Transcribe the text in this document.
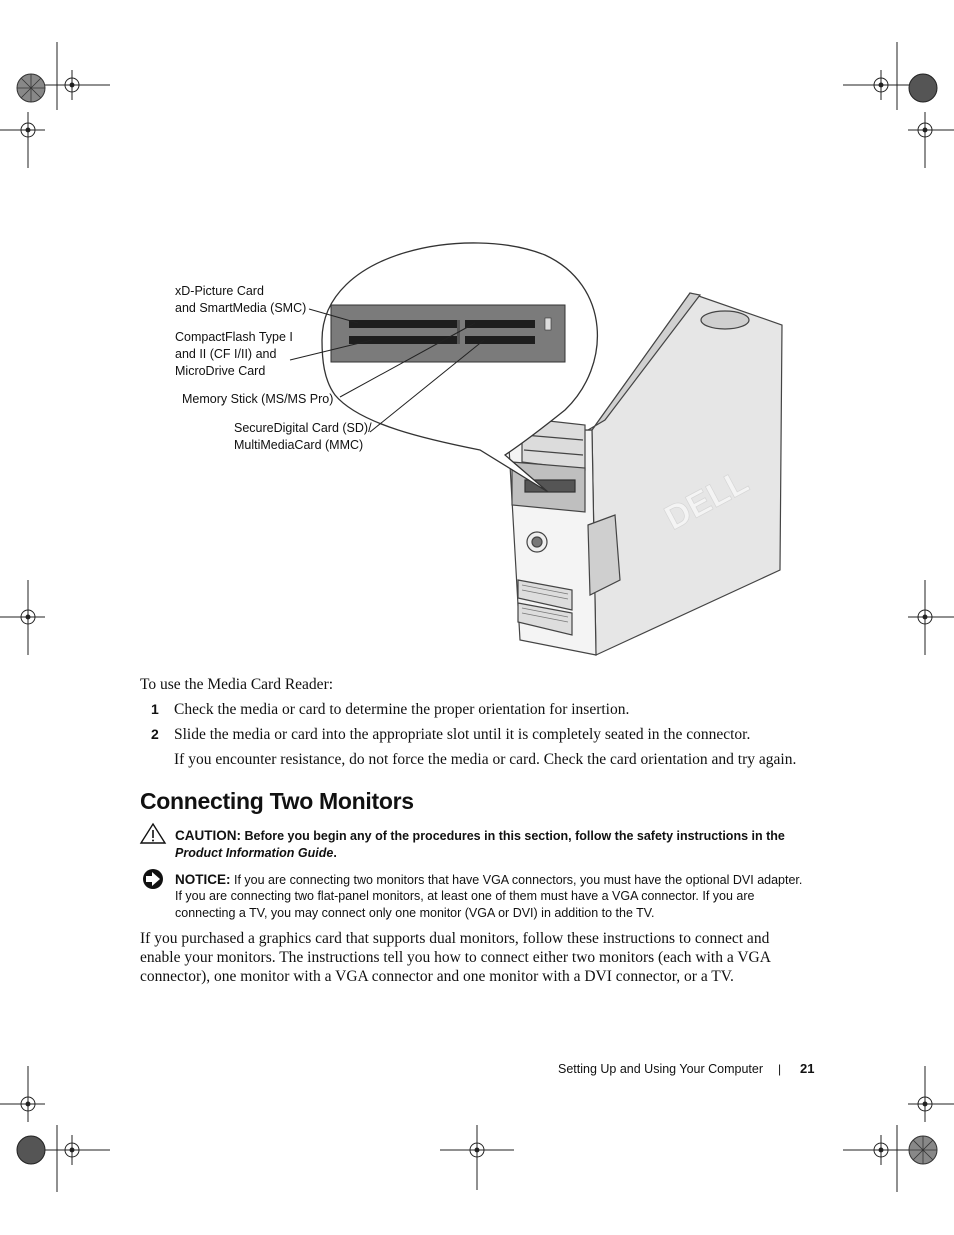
DELL
xD-Picture Card
and SmartMedia (SMC)
CompactFlash Type I
and II (CF I/II) and
MicroDrive Card
Memory Stick (MS/MS Pro)
SecureDigital Card (SD)/
MultiMediaCard (MMC)
To use the Media Card Reader:
1 Check the media or card to determine the proper orientation for insertion.
2 Slide the media or card into the appropriate slot until it is completely seated in the connector.
If you encounter resistance, do not force the media or card. Check the card orientation and try again.
Connecting Two Monitors
CAUTION: Before you begin any of the procedures in this section, follow the safety instructions in the
Product Information Guide.
NOTICE: If you are connecting two monitors that have VGA connectors, you must have the optional DVI adapter.
If you are connecting two flat-panel monitors, at least one of them must have a VGA connector. If you are
connecting a TV, you may connect only one monitor (VGA or DVI) in addition to the TV.
If you purchased a graphics card that supports dual monitors, follow these instructions to connect and
enable your monitors. The instructions tell you how to connect either two monitors (each with a VGA
connector), one monitor with a VGA connector and one monitor with a DVI connector, or a TV.
Setting Up and Using Your Computer | 21
